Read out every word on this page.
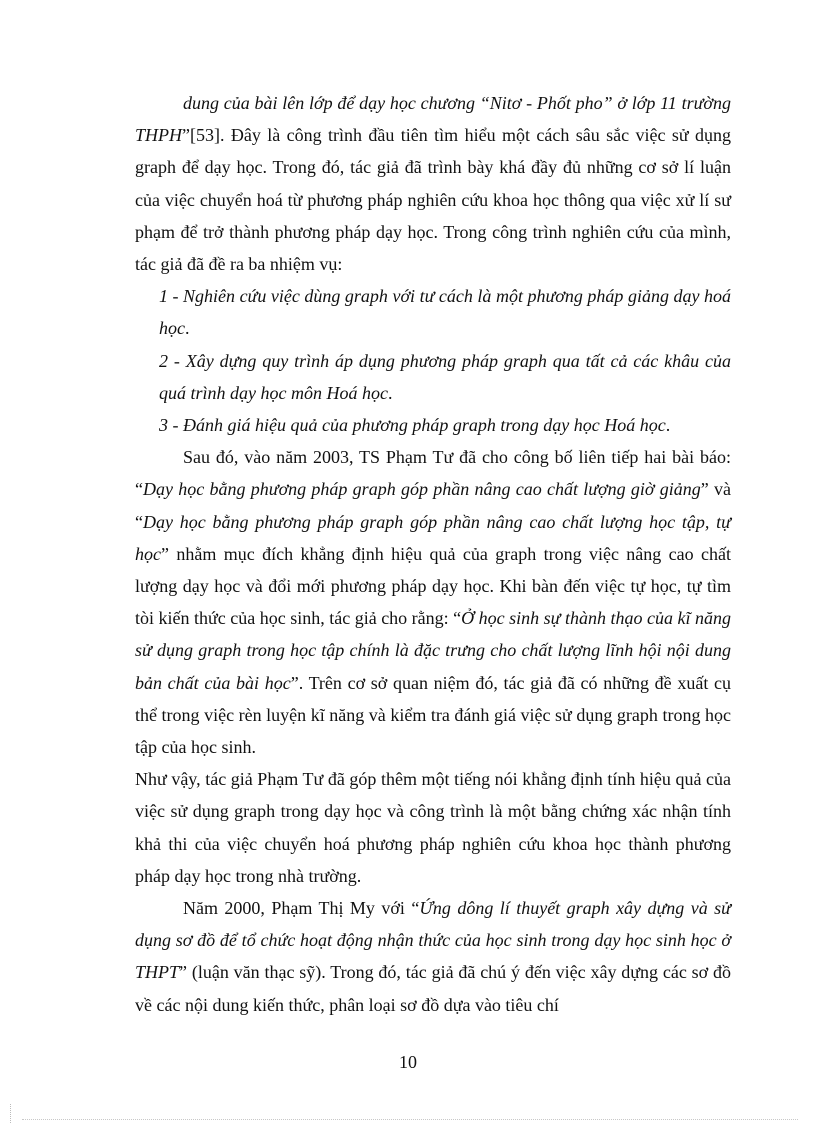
dung của bài lên lớp để dạy học chương “Nitơ - Phốt pho” ở lớp 11 trường THPH”[53]. Đây là công trình đầu tiên tìm hiểu một cách sâu sắc việc sử dụng graph để dạy học. Trong đó, tác giả đã trình bày khá đầy đủ những cơ sở lí luận của việc chuyển hoá từ phương pháp nghiên cứu khoa học thông qua việc xử lí sư phạm để trở thành phương pháp dạy học. Trong công trình nghiên cứu của mình, tác giả đã đề ra ba nhiệm vụ:

1 - Nghiên cứu việc dùng graph với tư cách là một phương pháp giảng dạy hoá học.

2 - Xây dựng quy trình áp dụng phương pháp graph qua tất cả các khâu của quá trình dạy học môn Hoá học.

3 - Đánh giá hiệu quả của phương pháp graph trong dạy học Hoá học.

Sau đó, vào năm 2003, TS Phạm Tư đã cho công bố liên tiếp hai bài báo: “Dạy học bằng phương pháp graph góp phần nâng cao chất lượng giờ giảng” và “Dạy học bằng phương pháp graph góp phần nâng cao chất lượng học tập, tự học” nhằm mục đích khẳng định hiệu quả của graph trong việc nâng cao chất lượng dạy học và đổi mới phương pháp dạy học. Khi bàn đến việc tự học, tự tìm tòi kiến thức của học sinh, tác giả cho rằng: “Ở học sinh sự thành thạo của kĩ năng sử dụng graph trong học tập chính là đặc trưng cho chất lượng lĩnh hội nội dung bản chất của bài học”. Trên cơ sở quan niệm đó, tác giả đã có những đề xuất cụ thể trong việc rèn luyện kĩ năng và kiểm tra đánh giá việc sử dụng graph trong học tập của học sinh.

Như vậy, tác giả Phạm Tư đã góp thêm một tiếng nói khẳng định tính hiệu quả của việc sử dụng graph trong dạy học và công trình là một bằng chứng xác nhận tính khả thi của việc chuyển hoá phương pháp nghiên cứu khoa học thành phương pháp dạy học trong nhà trường.

Năm 2000, Phạm Thị My với “Ứng dông lí thuyết graph xây dựng và sử dụng sơ đồ để tổ chức hoạt động nhận thức của học sinh trong dạy học sinh học ở THPT” (luận văn thạc sỹ). Trong đó, tác giả đã chú ý đến việc xây dựng các sơ đồ về các nội dung kiến thức, phân loại sơ đồ dựa vào tiêu chí

10
